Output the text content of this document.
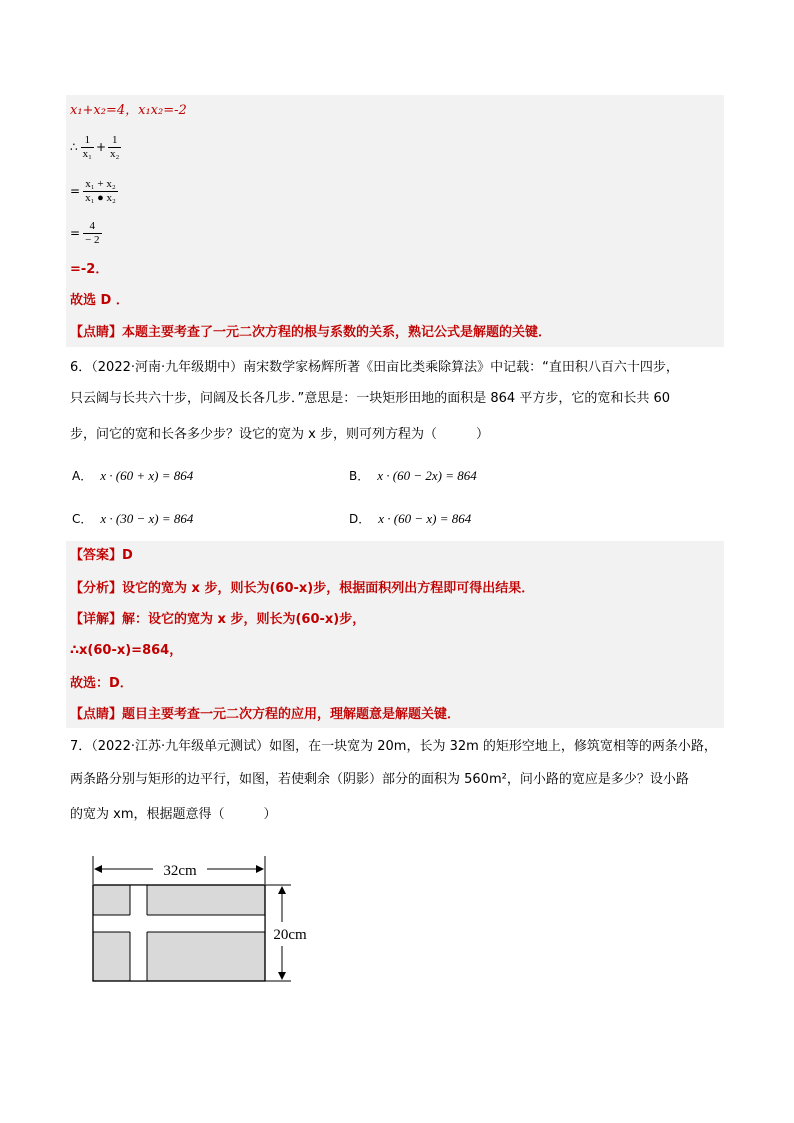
x₁+x₂=4，x₁x₂=-2
∴ $\frac{1}{\text{x₁}} + \frac{1}{\text{x₂}}$
= $\frac{\text{x₁ + x₂}}{\text{x₁ ● x₂}}$
= $\frac{4}{- 2}$
=-2．
故选 D ．
【点睛】本题主要考查了一元二次方程的根与系数的关系，熟记公式是解题的关键．
6．（2022·河南·九年级期中）南宋数学家杨辉所著《田亩比类乘除算法》中记载：“直田积八百六十四步，
只云阔与长共六十步，问阔及长各几步．”意思是：一块矩形田地的面积是 864 平方步，它的宽和长共 60
步，问它的宽和长各多少步？设它的宽为 x 步，则可列方程为（　　　）
A． x · (60 + x) = 864	B． x · (60 − 2x) = 864
C． x · (30 − x) = 864	D． x · (60 − x) = 864
【答案】D
【分析】设它的宽为 x 步，则长为(60-x)步，根据面积列出方程即可得出结果．
【详解】解：设它的宽为 x 步，则长为(60-x)步，
∴x(60-x)=864，
故选：D．
【点睛】题目主要考查一元二次方程的应用，理解题意是解题关键．
7．（2022·江苏·九年级单元测试）如图，在一块宽为 20m，长为 32m 的矩形空地上，修筑宽相等的两条小路，
两条路分别与矩形的边平行，如图，若使剩余（阴影）部分的面积为 560m²，问小路的宽应是多少？设小路
的宽为 xm，根据题意得（　　　）
32cm
20cm
